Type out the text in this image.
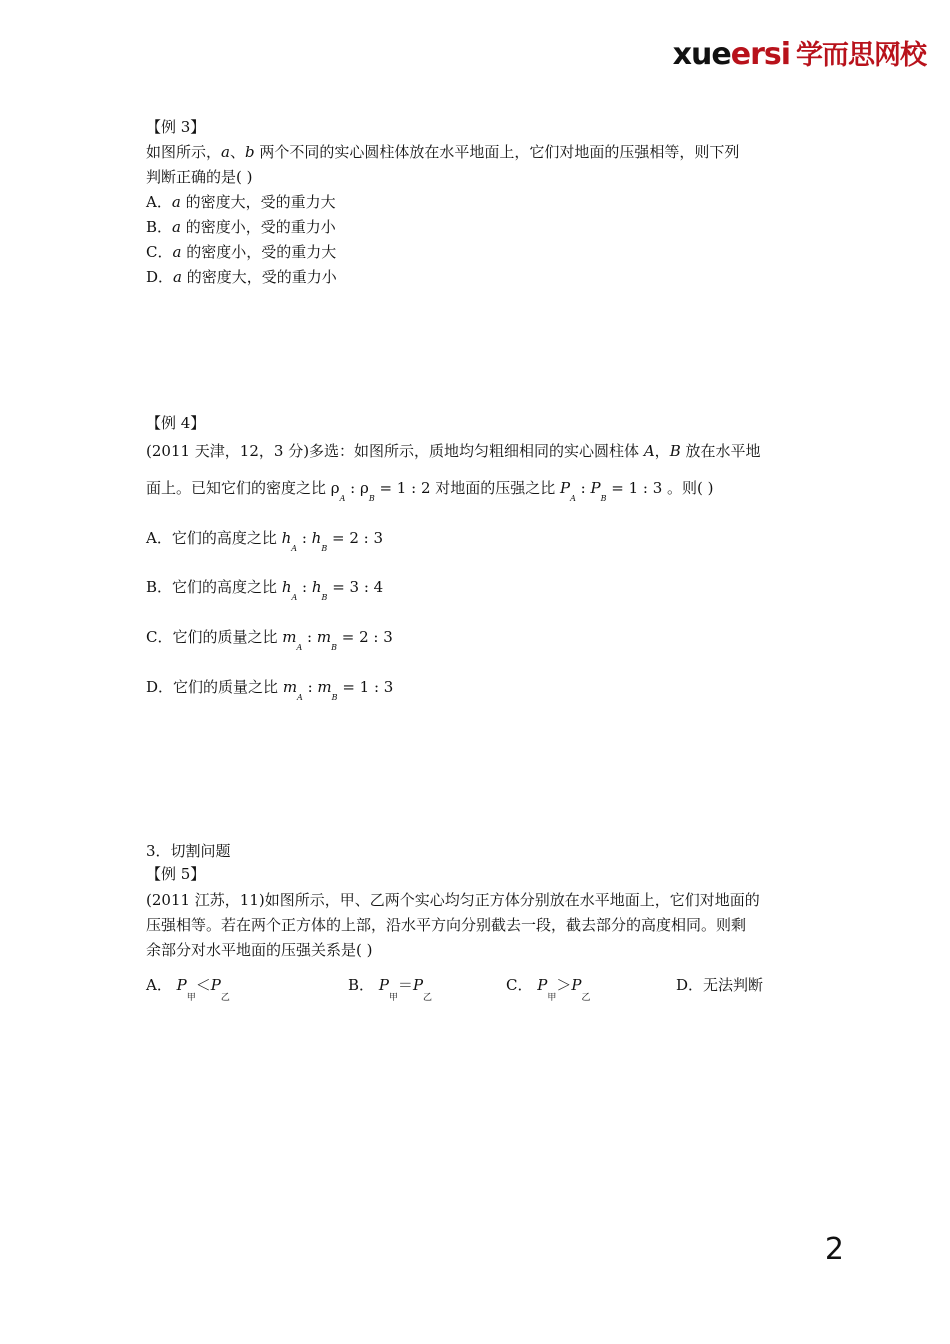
xueersi 学而思网校
【例 3】
如图所示，a、b 两个不同的实心圆柱体放在水平地面上，它们对地面的压强相等，则下列
判断正确的是( )
A．a 的密度大，受的重力大
B．a 的密度小，受的重力小
C．a 的密度小，受的重力大
D．a 的密度大，受的重力小
【例 4】
(2011 天津，12，3 分)多选：如图所示，质地均匀粗细相同的实心圆柱体 A，B 放在水平地
面上。已知它们的密度之比 $\rho_A$ : $\rho_B = 1$ : 2 对地面的压强之比 $P_A$ : $P_B = 1$ : 3 。则( )
A．它们的高度之比 $h_A$ : $h_B = 2$ : 3
B．它们的高度之比 $h_A$ : $h_B = 3$ : 4
C．它们的质量之比 $m_A$ : $m_B = 2$ : 3
D．它们的质量之比 $m_A$ : $m_B = 1$ : 3
3．切割问题
【例 5】
(2011 江苏，11)如图所示，甲、乙两个实心均匀正方体分别放在水平地面上，它们对地面的
压强相等。若在两个正方体的上部，沿水平方向分别截去一段，截去部分的高度相同。则剩
余部分对水平地面的压强关系是( )
A． $P_甲<P_乙$
B． $P_甲=P_乙$
C． $P_甲>P_乙$
D．无法判断
2
